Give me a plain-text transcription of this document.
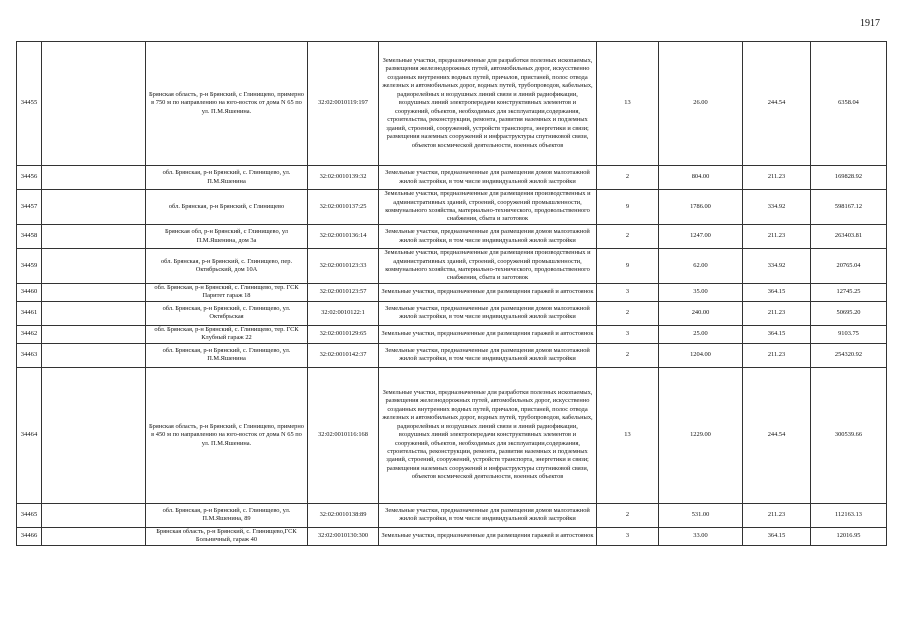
1917
34455		Брянская область, р-н Брянский, с Глинищево, примерно в 750 м по направлению на юго-восток от дома N 65 по ул. П.М.Яшенина.	32:02:0010119:197	Земельные участки, предназначенные для разработки полезных ископаемых, размещения железнодорожных путей, автомобильных дорог, искусственно созданных внутренних водных путей, причалов, пристаней, полос отвода железных и автомобильных дорог, водных путей, трубопроводов, кабельных, радиорелейных и воздушных линий связи и линий радиофикации, воздушных линий электропередачи конструктивных элементов и сооружений, объектов, необходимых для эксплуатации,содержания, строительства, реконструкции, ремонта, развития наземных и подземных зданий, строений, сооружений, устройств транспорта, энергетики и связи; размещения наземных сооружений и инфраструктуры спутниковой связи, объектов космической деятельности, военных объектов	13	26.00	244.54	6358.04
34456		обл. Брянская, р-н Брянский, с. Глинищево, ул. П.М.Яшенина	32:02:0010139:32	Земельные участки, предназначенные для размещения домов малоэтажной жилой застройки, в том числе индивидуальной жилой застройки	2	804.00	211.23	169828.92
34457		обл. Брянская, р-н Брянский, с Глинищево	32:02:0010137:25	Земельные участки, предназначенные для размещения производственных и административных зданий, строений, сооружений промышленности, коммунального хозяйства, материально-технического, продовольственного снабжения, сбыта и заготовок	9	1786.00	334.92	598167.12
34458		Брянская обл, р-н Брянский, с Глинищево, ул П.М.Яшенина, дом 3а	32:02:0010136:14	Земельные участки, предназначенные для размещения домов малоэтажной жилой застройки, в том числе индивидуальной жилой застройки	2	1247.00	211.23	263403.81
34459		обл. Брянская, р-н Брянский, с. Глинищево, пер. Октябрьский, дом 10А	32:02:0010123:33	Земельные участки, предназначенные для размещения производственных и административных зданий, строений, сооружений промышленности, коммунального хозяйства, материально-технического, продовольственного снабжения, сбыта и заготовок	9	62.00	334.92	20765.04
34460		обл. Брянская, р-н Брянский, с. Глинищево, тер. ГСК Паритет гараж 18	32:02:0010123:57	Земельные участки, предназначенные для размещения гаражей и автостоянок	3	35.00	364.15	12745.25
34461		обл. Брянская, р-н Брянский, с. Глинищево, ул. Октябрьская	32:02:0010122:1	Земельные участки, предназначенные для размещения домов малоэтажной жилой застройки, в том числе индивидуальной жилой застройки	2	240.00	211.23	50695.20
34462		обл. Брянская, р-н Брянский, с. Глинищево, тер. ГСК Клубный гараж 22	32:02:0010129:65	Земельные участки, предназначенные для размещения гаражей и автостоянок	3	25.00	364.15	9103.75
34463		обл. Брянская, р-н Брянский, с. Глинищево, ул. П.М.Яшенина	32:02:0010142:37	Земельные участки, предназначенные для размещения домов малоэтажной жилой застройки, в том числе индивидуальной жилой застройки	2	1204.00	211.23	254320.92
34464		Брянская область, р-н Брянский, с Глинищево, примерно в 450 м по направлению на юго-восток от дома N 65 по ул. П.М.Яшенина.	32:02:0010116:168	Земельные участки, предназначенные для разработки полезных ископаемых, размещения железнодорожных путей, автомобильных дорог, искусственно созданных внутренних водных путей, причалов, пристаней, полос отвода железных и автомобильных дорог, водных путей, трубопроводов, кабельных, радиорелейных и воздушных линий связи и линий радиофикации, воздушных линий электропередачи конструктивных элементов и сооружений, объектов, необходимых для эксплуатации,содержания, строительства, реконструкции, ремонта, развития наземных и подземных зданий, строений, сооружений, устройств транспорта, энергетики и связи; размещения наземных сооружений и инфраструктуры спутниковой связи, объектов космической деятельности, военных объектов	13	1229.00	244.54	300539.66
34465		обл. Брянская, р-н Брянский, с. Глинищево, ул. П.М.Яшенина, 89	32:02:0010138:89	Земельные участки, предназначенные для размещения домов малоэтажной жилой застройки, в том числе индивидуальной жилой застройки	2	531.00	211.23	112163.13
34466		Брянская область, р-н Брянский, с. Глинищево,ГСК Больничный, гараж 40	32:02:0010130:300	Земельные участки, предназначенные для размещения гаражей и автостоянок	3	33.00	364.15	12016.95
